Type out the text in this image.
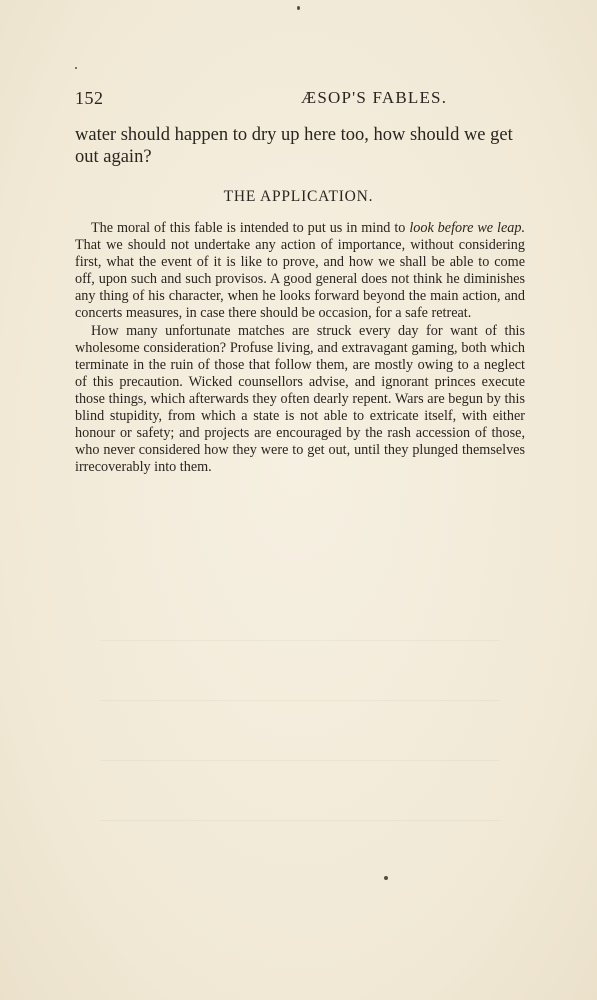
152	ÆSOP'S FABLES.
water should happen to dry up here too, how should we get out again?
THE APPLICATION.

The moral of this fable is intended to put us in mind to look before we leap. That we should not undertake any action of importance, without considering first, what the event of it is like to prove, and how we shall be able to come off, upon such and such provisos. A good general does not think he diminishes any thing of his character, when he looks forward beyond the main action, and concerts measures, in case there should be occasion, for a safe retreat.

How many unfortunate matches are struck every day for want of this wholesome consideration? Profuse living, and extravagant gaming, both which terminate in the ruin of those that follow them, are mostly owing to a neglect of this precaution. Wicked counsellors advise, and ignorant princes execute those things, which afterwards they often dearly repent. Wars are begun by this blind stupidity, from which a state is not able to extricate itself, with either honour or safety; and projects are encouraged by the rash accession of those, who never considered how they were to get out, until they plunged themselves irrecoverably into them.
